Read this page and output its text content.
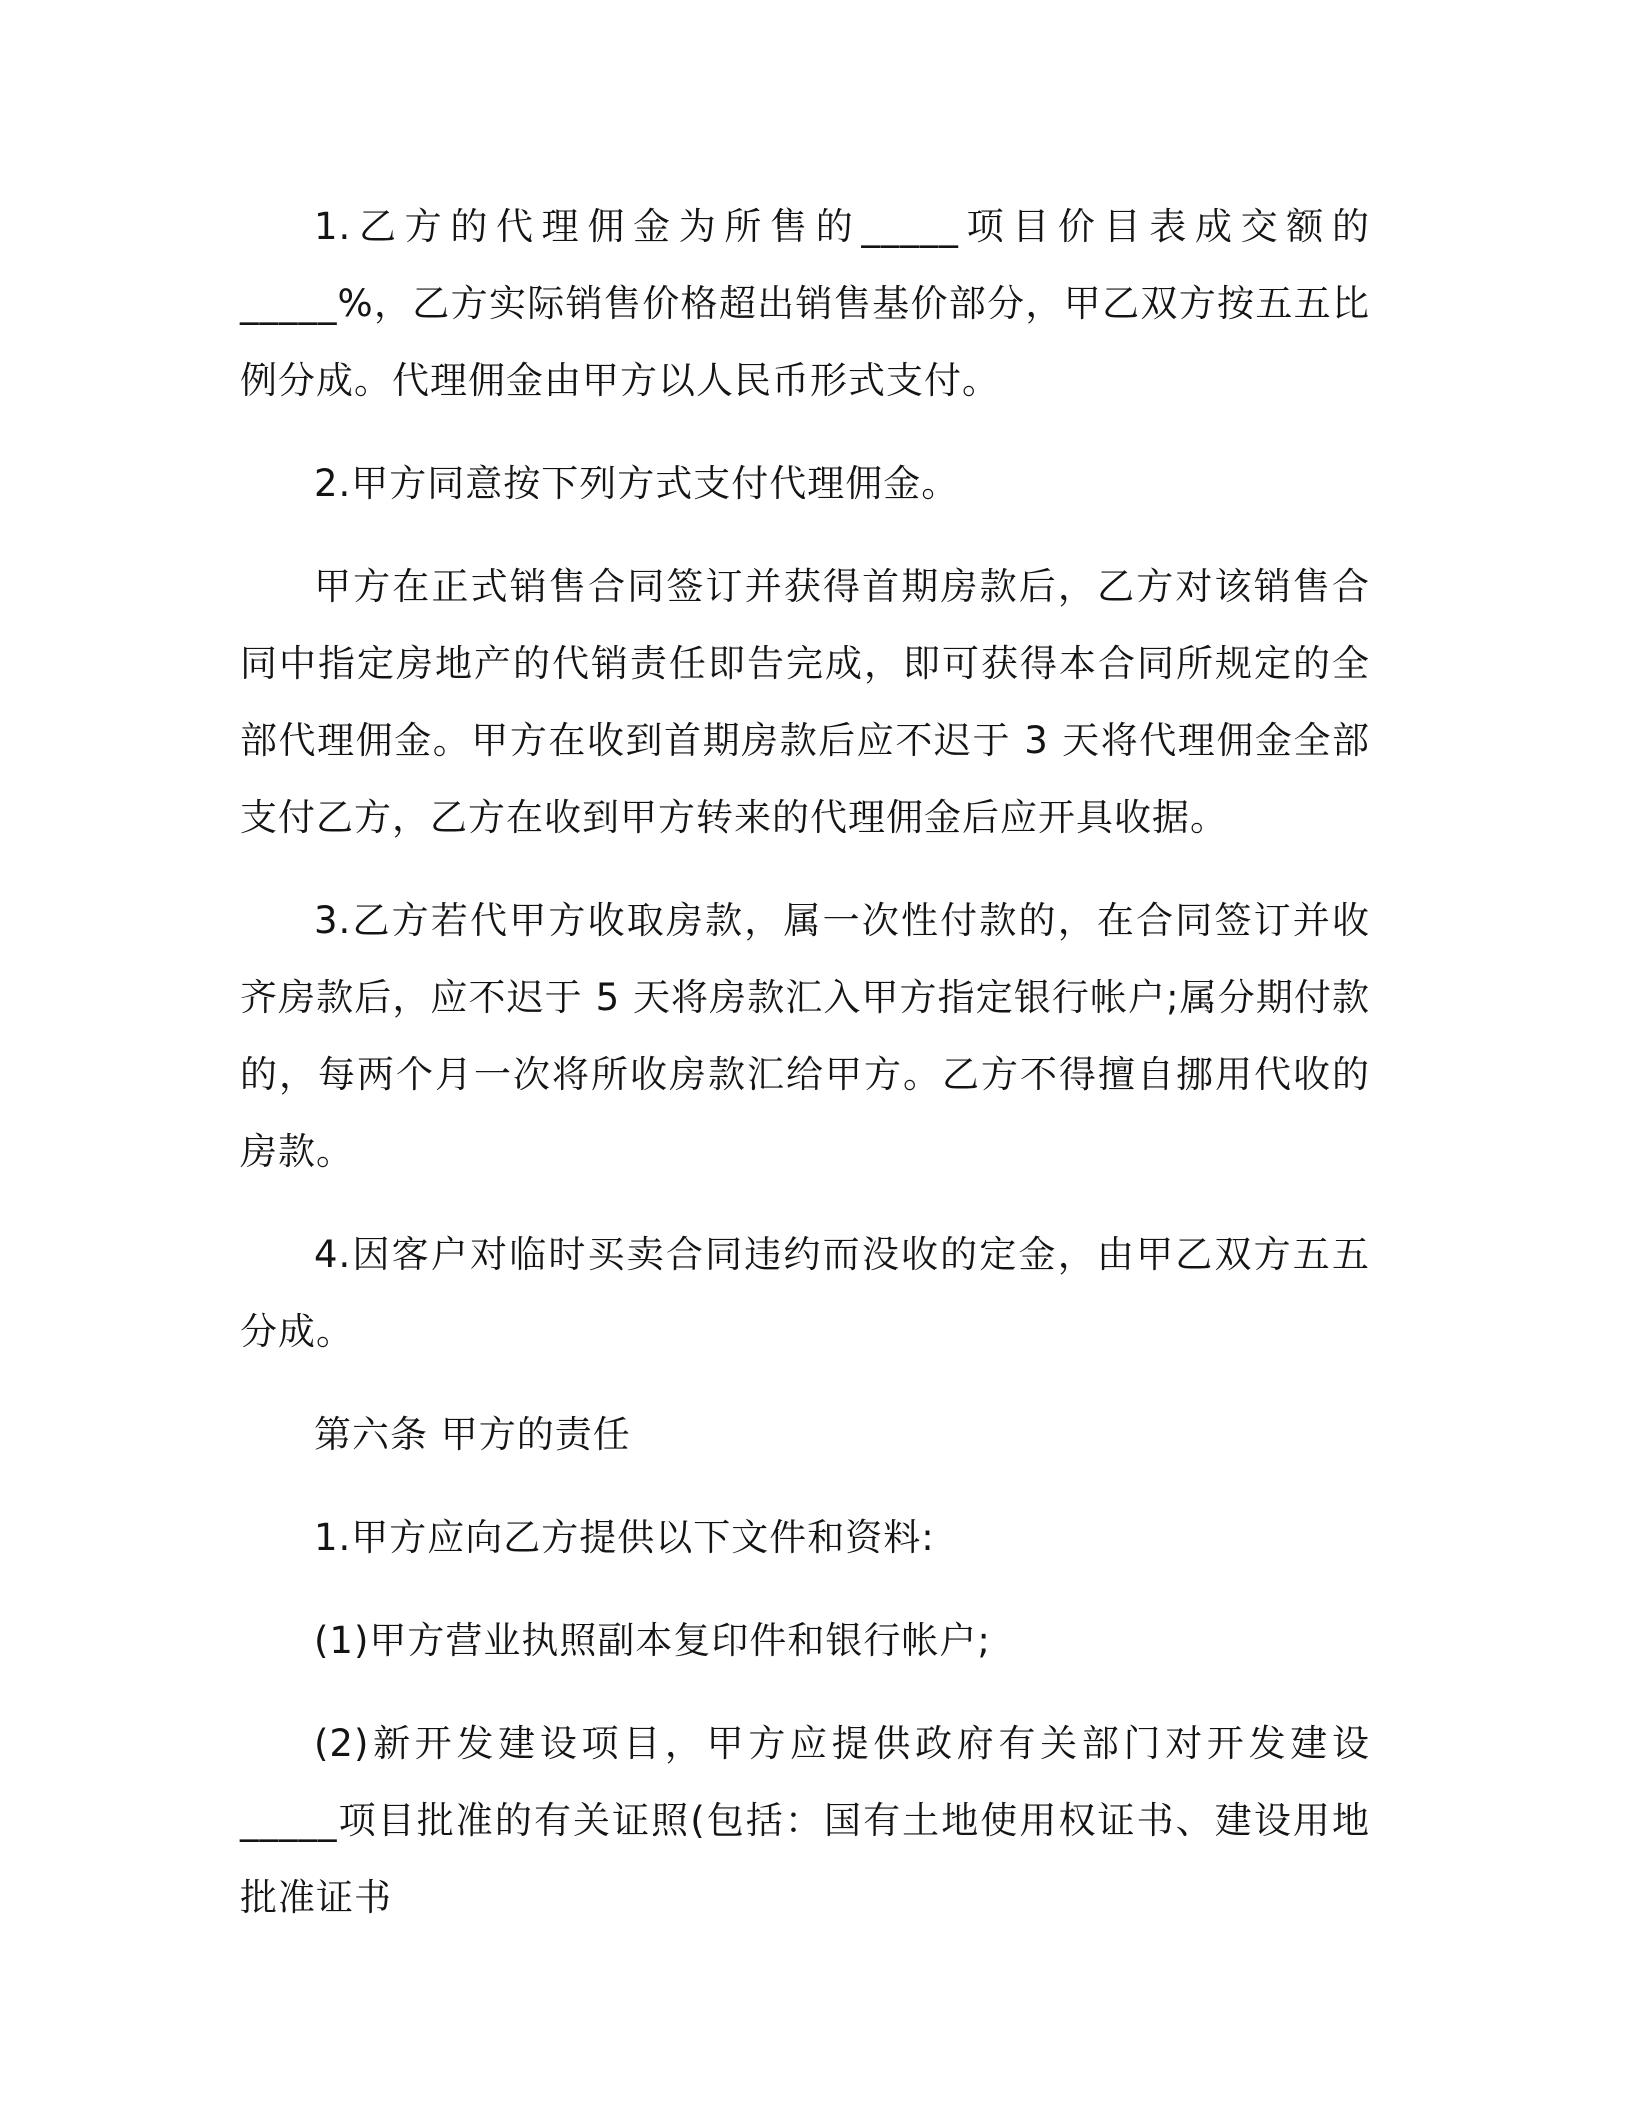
1.乙方的代理佣金为所售的_____项目价目表成交额的_____%，乙方实际销售价格超出销售基价部分，甲乙双方按五五比例分成。代理佣金由甲方以人民币形式支付。

2.甲方同意按下列方式支付代理佣金。

甲方在正式销售合同签订并获得首期房款后，乙方对该销售合同中指定房地产的代销责任即告完成，即可获得本合同所规定的全部代理佣金。甲方在收到首期房款后应不迟于 3 天将代理佣金全部支付乙方，乙方在收到甲方转来的代理佣金后应开具收据。

3.乙方若代甲方收取房款，属一次性付款的，在合同签订并收齐房款后，应不迟于 5 天将房款汇入甲方指定银行帐户;属分期付款的，每两个月一次将所收房款汇给甲方。乙方不得擅自挪用代收的房款。

4.因客户对临时买卖合同违约而没收的定金，由甲乙双方五五分成。

第六条 甲方的责任

1.甲方应向乙方提供以下文件和资料:

(1)甲方营业执照副本复印件和银行帐户;

(2)新开发建设项目，甲方应提供政府有关部门对开发建设_____项目批准的有关证照(包括：国有土地使用权证书、建设用地批准证书
